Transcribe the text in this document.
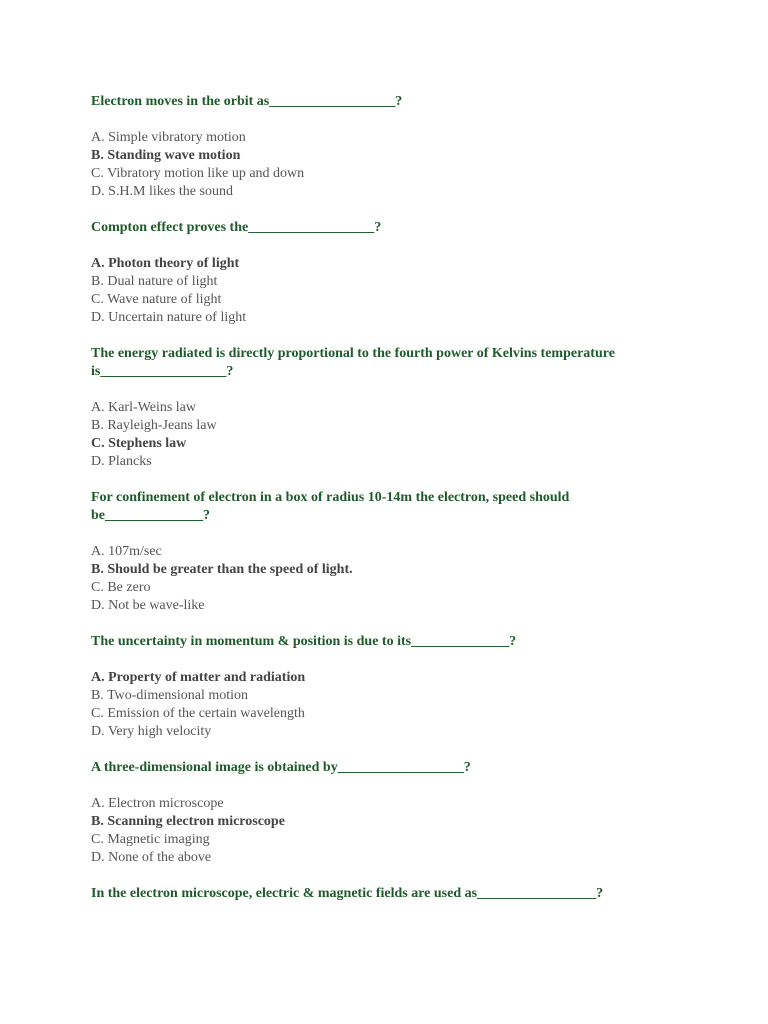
Electron moves in the orbit as__________________?

A. Simple vibratory motion

B. Standing wave motion

C. Vibratory motion like up and down

D. S.H.M likes the sound

Compton effect proves the__________________?

A. Photon theory of light

B. Dual nature of light

C. Wave nature of light

D. Uncertain nature of light

The energy radiated is directly proportional to the fourth power of Kelvins temperature is__________________?

A. Karl-Weins law

B. Rayleigh-Jeans law

C. Stephens law

D. Plancks

For confinement of electron in a box of radius 10-14m the electron, speed should be______________?

A. 107m/sec

B. Should be greater than the speed of light.

C. Be zero

D. Not be wave-like

The uncertainty in momentum & position is due to its______________?

A. Property of matter and radiation

B. Two-dimensional motion

C. Emission of the certain wavelength

D. Very high velocity

A three-dimensional image is obtained by__________________?

A. Electron microscope

B. Scanning electron microscope

C. Magnetic imaging

D. None of the above

In the electron microscope, electric & magnetic fields are used as_________________?
